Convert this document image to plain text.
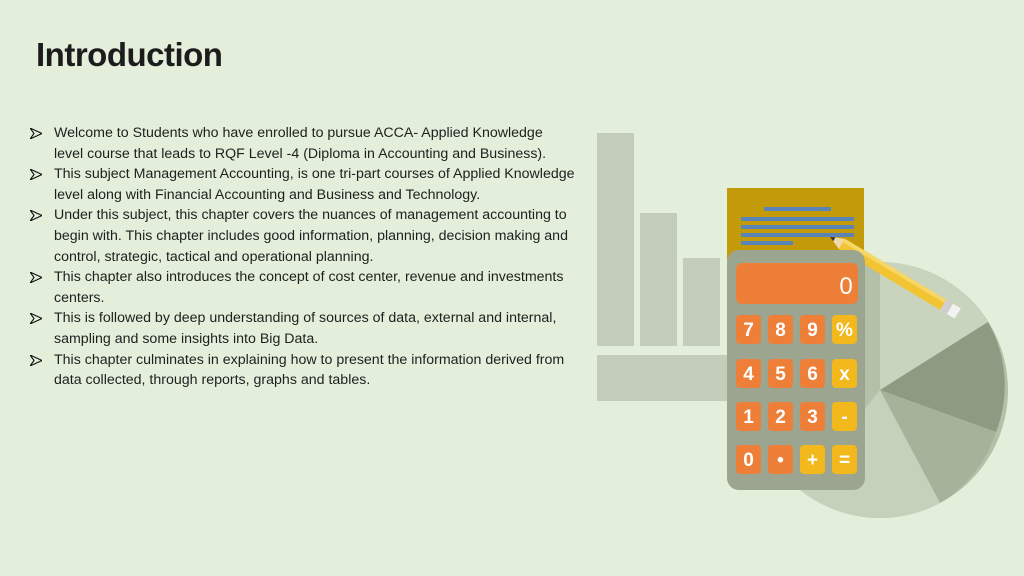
Introduction
Welcome to Students who have enrolled to pursue ACCA- Applied Knowledge level course that leads to RQF Level -4 (Diploma in Accounting and Business).
This subject Management Accounting, is one tri-part courses of Applied Knowledge level along with Financial Accounting and Business and Technology.
Under this subject, this chapter covers the nuances of management accounting to begin with. This chapter includes good information, planning, decision making and control, strategic, tactical and operational planning.
This chapter also introduces the concept of cost center, revenue and investments centers.
This is followed by deep understanding of sources of data, external and internal, sampling and some insights into Big Data.
This chapter culminates in explaining how to present the information derived from data collected, through reports, graphs and tables.
0
7 8 9 %
4 5 6 x
1 2 3 -
0 • + =
